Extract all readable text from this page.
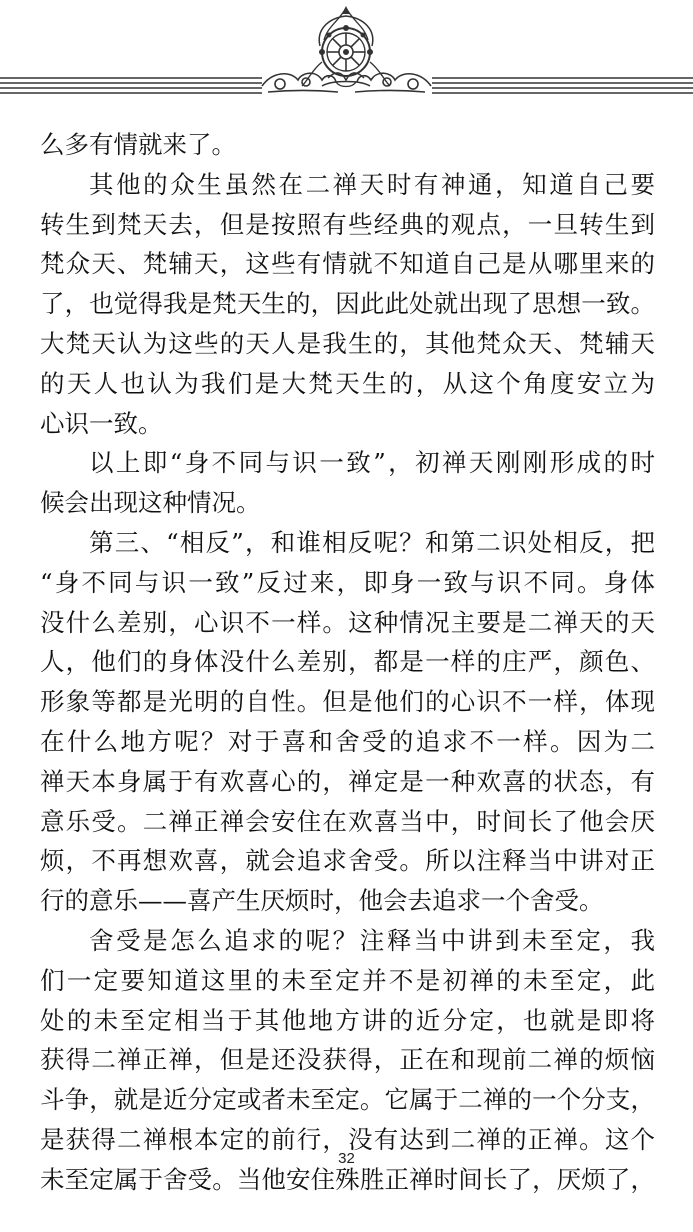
么多有情就来了。
其他的众生虽然在二禅天时有神通，知道自己要
转生到梵天去，但是按照有些经典的观点，一旦转生到
梵众天、梵辅天，这些有情就不知道自己是从哪里来的
了，也觉得我是梵天生的，因此此处就出现了思想一致。
大梵天认为这些的天人是我生的，其他梵众天、梵辅天
的天人也认为我们是大梵天生的，从这个角度安立为
心识一致。
以上即“身不同与识一致”，初禅天刚刚形成的时
候会出现这种情况。
第三、“相反”，和谁相反呢？和第二识处相反，把
“身不同与识一致”反过来，即身一致与识不同。身体
没什么差别，心识不一样。这种情况主要是二禅天的天
人，他们的身体没什么差别，都是一样的庄严，颜色、
形象等都是光明的自性。但是他们的心识不一样，体现
在什么地方呢？对于喜和舍受的追求不一样。因为二
禅天本身属于有欢喜心的，禅定是一种欢喜的状态，有
意乐受。二禅正禅会安住在欢喜当中，时间长了他会厌
烦，不再想欢喜，就会追求舍受。所以注释当中讲对正
行的意乐——喜产生厌烦时，他会去追求一个舍受。
舍受是怎么追求的呢？注释当中讲到未至定，我
们一定要知道这里的未至定并不是初禅的未至定，此
处的未至定相当于其他地方讲的近分定，也就是即将
获得二禅正禅，但是还没获得，正在和现前二禅的烦恼
斗争，就是近分定或者未至定。它属于二禅的一个分支，
是获得二禅根本定的前行，没有达到二禅的正禅。这个
未至定属于舍受。当他安住殊胜正禅时间长了，厌烦了，
32
